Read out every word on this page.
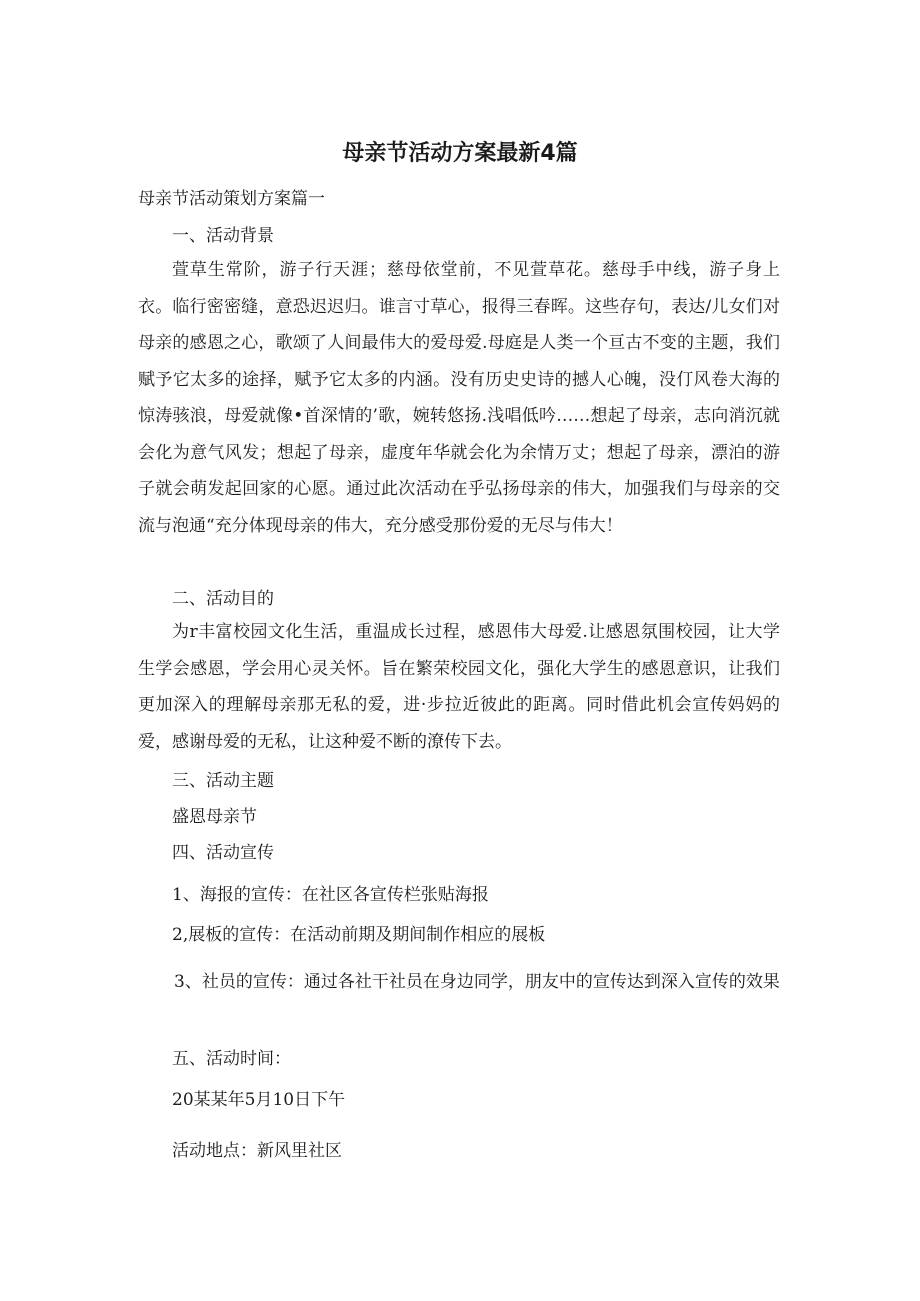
母亲节活动方案最新4篇
母亲节活动策划方案篇一
一、活动背景

萱草生常阶，游子行天涯；慈母依堂前，不见萱草花。慈母手中线，游子身上衣。临行密密缝，意恐迟迟归。谁言寸草心，报得三春晖。这些存句，表达/儿女们对母亲的感恩之心，歌颂了人间最伟大的爱母爱.母庭是人类一个亘古不变的主题，我们赋予它太多的途择，赋予它太多的内涵。没有历史史诗的撼人心魄，没仃风卷大海的惊涛骇浪，母爱就像•首深情的’歌，婉转悠扬.浅唱低吟……想起了母亲，志向消沉就会化为意气风发；想起了母亲，虚度年华就会化为余情万丈；想起了母亲，漂泊的游子就会萌发起回家的心愿。通过此次活动在乎弘扬母亲的伟大，加强我们与母亲的交流与泡通“充分体现母亲的伟大，充分感受那份爱的无尽与伟大！

二、活动目的

为r丰富校园文化生活，重温成长过程，感恩伟大母爱.让感恩氛围校园，让大学生学会感恩，学会用心灵关怀。旨在繁荣校园文化，强化大学生的感恩意识，让我们更加深入的理解母亲那无私的爱，进·步拉近彼此的距离。同时借此机会宣传妈妈的爱，感谢母爱的无私，让这种爱不断的潦传下去。

三、活动主题
盛恩母亲节
四、活动宣传
1、海报的宣传：在社区各宣传栏张贴海报
2,展板的宣传：在活动前期及期间制作相应的展板

3、社员的宣传：通过各社干社员在身边同学，朋友中的宣传达到深入宣传的效果

五、活动时间：
20某某年5月10日下午
活动地点：新风里社区
